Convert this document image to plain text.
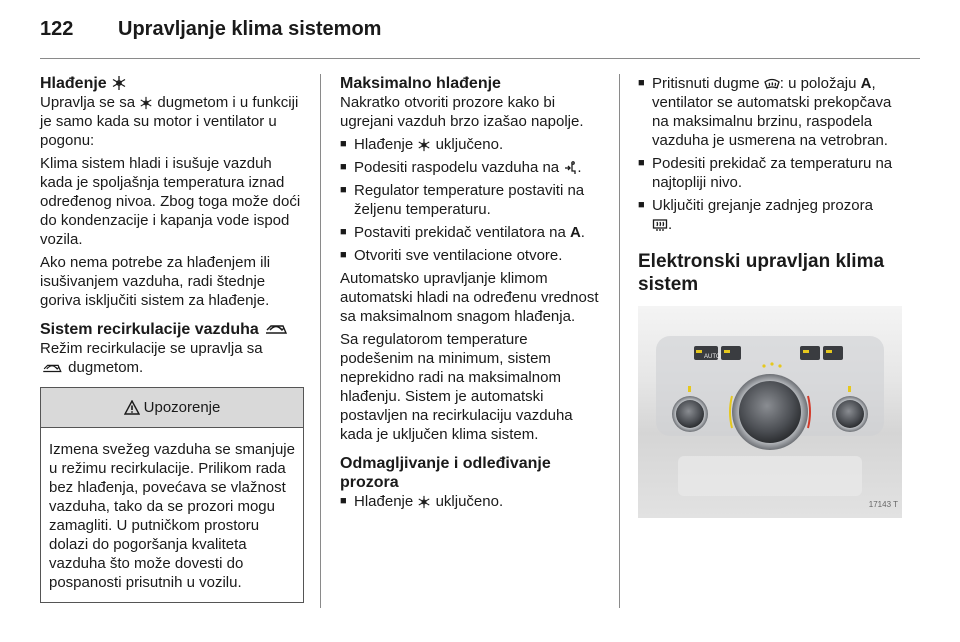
122	Upravljanje klima sistemom
Hlađenje

Upravlja se sa dugmetom i u funkciji je samo kada su motor i ventilator u pogonu:

Klima sistem hladi i isušuje vazduh kada je spoljašnja temperatura iznad određenog nivoa. Zbog toga može doći do kondenzacije i kapanja vode ispod vozila.

Ako nema potrebe za hlađenjem ili isušivanjem vazduha, radi štednje goriva isključiti sistem za hlađenje.

Sistem recirkulacije vazduha

Režim recirkulacije se upravlja sa
dugmetom.

Upozorenje
Izmena svežeg vazduha se smanjuje u režimu recirkulacije. Prilikom rada bez hlađenja, povećava se vlažnost vazduha, tako da se prozori mogu zamagliti. U putničkom prostoru dolazi do pogoršanja kvaliteta vazduha što može dovesti do pospanosti prisutnih u vozilu.
Maksimalno hlađenje

Nakratko otvoriti prozore kako bi ugrejani vazduh brzo izašao napolje.

■ Hlađenje uključeno.
■ Podesiti raspodelu vazduha na .
■ Regulator temperature postaviti na željenu temperaturu.
■ Postaviti prekidač ventilatora na A.
■ Otvoriti sve ventilacione otvore.

Automatsko upravljanje klimom automatski hladi na određenu vrednost sa maksimalnom snagom hlađenja.

Sa regulatorom temperature podešenim na minimum, sistem neprekidno radi na maksimalnom hlađenju. Sistem je automatski postavljen na recirkulaciju vazduha kada je uključen klima sistem.

Odmagljivanje i odleđivanje prozora
■ Hlađenje uključeno.
■ Pritisnuti dugme : u položaju A, ventilator se automatski prekopčava na maksimalnu brzinu, raspodela vazduha je usmerena na vetrobran.
■ Podesiti prekidač za temperaturu na najtopliji nivo.
■ Uključiti grejanje zadnjeg prozora
.
Elektronski upravljan klima sistem
AUTO
17143 T
